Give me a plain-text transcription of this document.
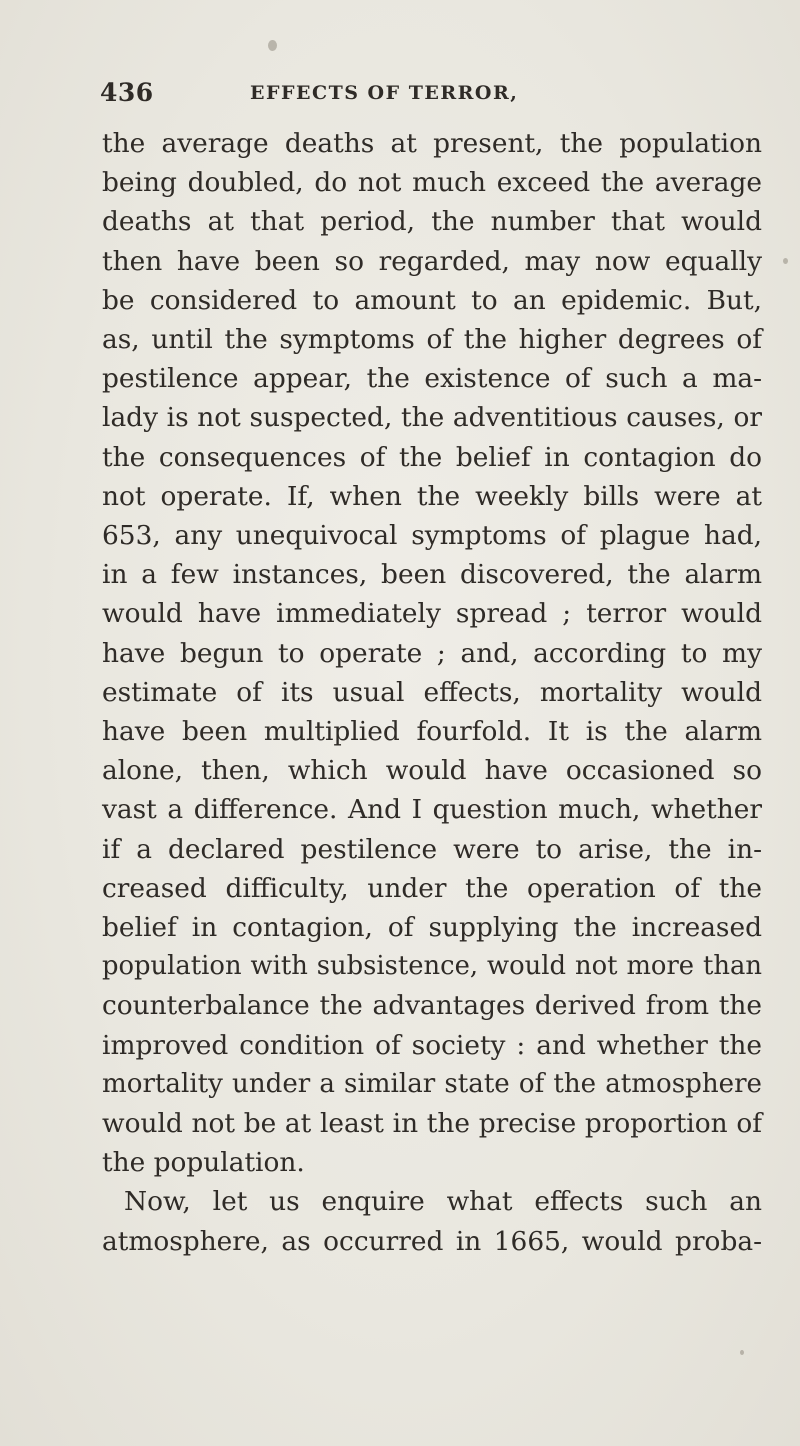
436	EFFECTS OF TERROR,
the average deaths at present, the population
being doubled, do not much exceed the average
deaths at that period, the number that would
then have been so regarded, may now equally
be considered to amount to an epidemic. But,
as, until the symptoms of the higher degrees of
pestilence appear, the existence of such a ma-
lady is not suspected, the adventitious causes, or
the consequences of the belief in contagion do
not operate. If, when the weekly bills were at
653, any unequivocal symptoms of plague had,
in a few instances, been discovered, the alarm
would have immediately spread ; terror would
have begun to operate ; and, according to my
estimate of its usual effects, mortality would
have been multiplied fourfold. It is the alarm
alone, then, which would have occasioned so
vast a difference. And I question much, whether
if a declared pestilence were to arise, the in-
creased difficulty, under the operation of the
belief in contagion, of supplying the increased
population with subsistence, would not more than
counterbalance the advantages derived from the
improved condition of society : and whether the
mortality under a similar state of the atmosphere
would not be at least in the precise proportion of
the population.
Now, let us enquire what effects such an
atmosphere, as occurred in 1665, would proba-
